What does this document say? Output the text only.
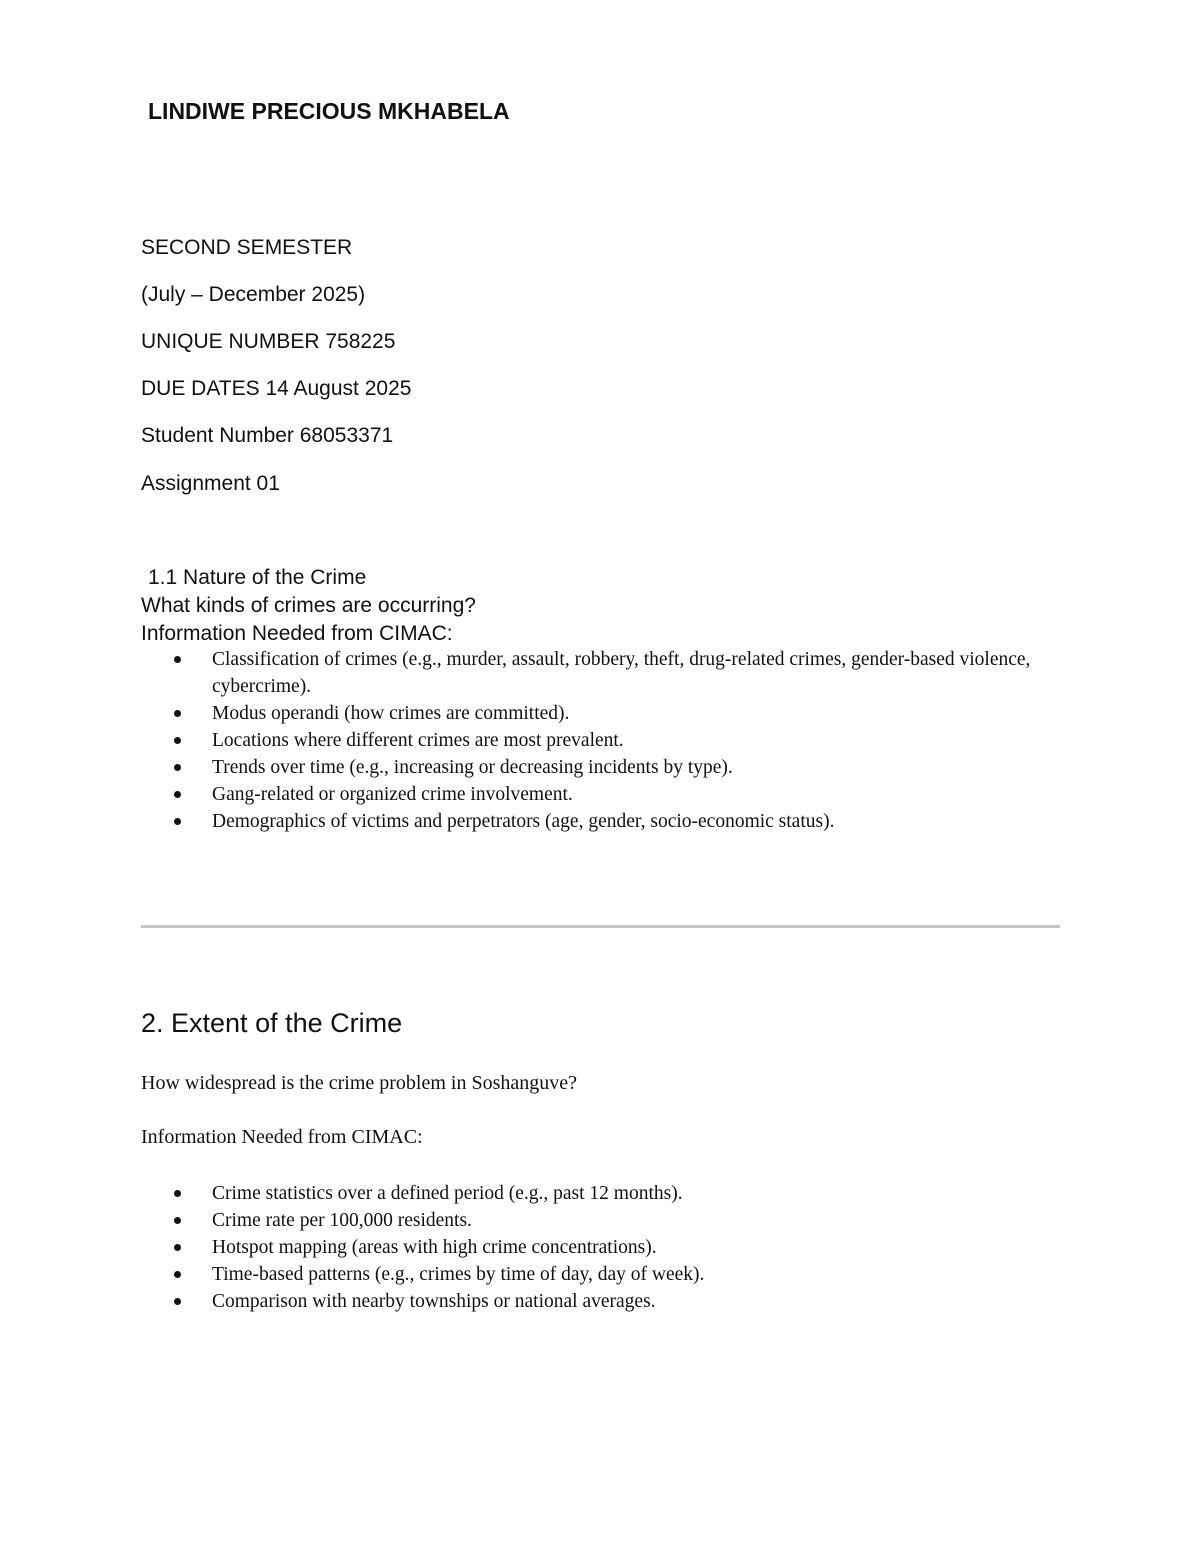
LINDIWE PRECIOUS MKHABELA

SECOND SEMESTER

(July – December 2025)

UNIQUE NUMBER 758225

DUE DATES 14 August 2025

Student Number 68053371

Assignment 01

1.1 Nature of the Crime

What kinds of crimes are occurring?

Information Needed from CIMAC:

Classification of crimes (e.g., murder, assault, robbery, theft, drug-related crimes, gender-based violence, cybercrime).
Modus operandi (how crimes are committed).
Locations where different crimes are most prevalent.
Trends over time (e.g., increasing or decreasing incidents by type).
Gang-related or organized crime involvement.
Demographics of victims and perpetrators (age, gender, socio-economic status).

2. Extent of the Crime

How widespread is the crime problem in Soshanguve?

Information Needed from CIMAC:

Crime statistics over a defined period (e.g., past 12 months).
Crime rate per 100,000 residents.
Hotspot mapping (areas with high crime concentrations).
Time-based patterns (e.g., crimes by time of day, day of week).
Comparison with nearby townships or national averages.
